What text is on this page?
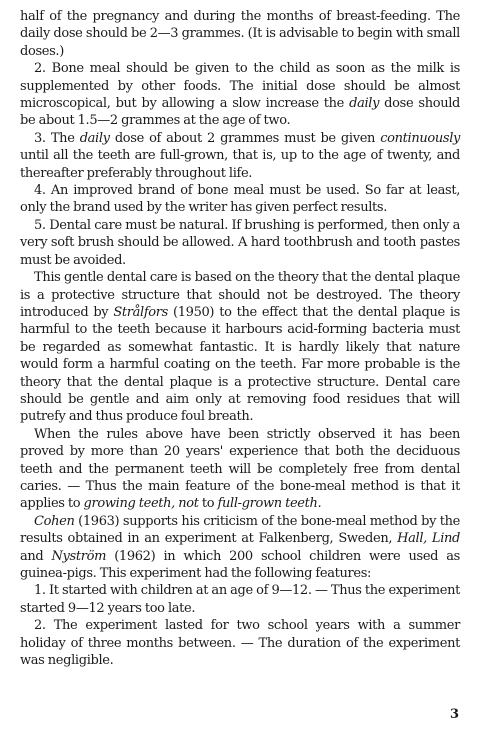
half of the pregnancy and during the months of breast-feeding. The daily dose should be 2—3 grammes. (It is advisable to begin with small doses.)

2. Bone meal should be given to the child as soon as the milk is supplemented by other foods. The initial dose should be almost microscopical, but by allowing a slow increase the daily dose should be about 1.5—2 grammes at the age of two.

3. The daily dose of about 2 grammes must be given continuously until all the teeth are full-grown, that is, up to the age of twenty, and thereafter preferably throughout life.

4. An improved brand of bone meal must be used. So far at least, only the brand used by the writer has given perfect results.

5. Dental care must be natural. If brushing is performed, then only a very soft brush should be allowed. A hard toothbrush and tooth pastes must be avoided.

This gentle dental care is based on the theory that the dental plaque is a protective structure that should not be destroyed. The theory introduced by Strålfors (1950) to the effect that the dental plaque is harmful to the teeth because it harbours acid-forming bacteria must be regarded as somewhat fantastic. It is hardly likely that nature would form a harmful coating on the teeth. Far more probable is the theory that the dental plaque is a protective structure. Dental care should be gentle and aim only at removing food residues that will putrefy and thus produce foul breath.

When the rules above have been strictly observed it has been proved by more than 20 years' experience that both the deciduous teeth and the permanent teeth will be completely free from dental caries. — Thus the main feature of the bone-meal method is that it applies to growing teeth, not to full-grown teeth.

Cohen (1963) supports his criticism of the bone-meal method by the results obtained in an experiment at Falkenberg, Sweden, Hall, Lind and Nyström (1962) in which 200 school children were used as guinea-pigs. This experiment had the following features:

1. It started with children at an age of 9—12. — Thus the experiment started 9—12 years too late.

2. The experiment lasted for two school years with a summer holiday of three months between. — The duration of the experiment was negligible.

3
